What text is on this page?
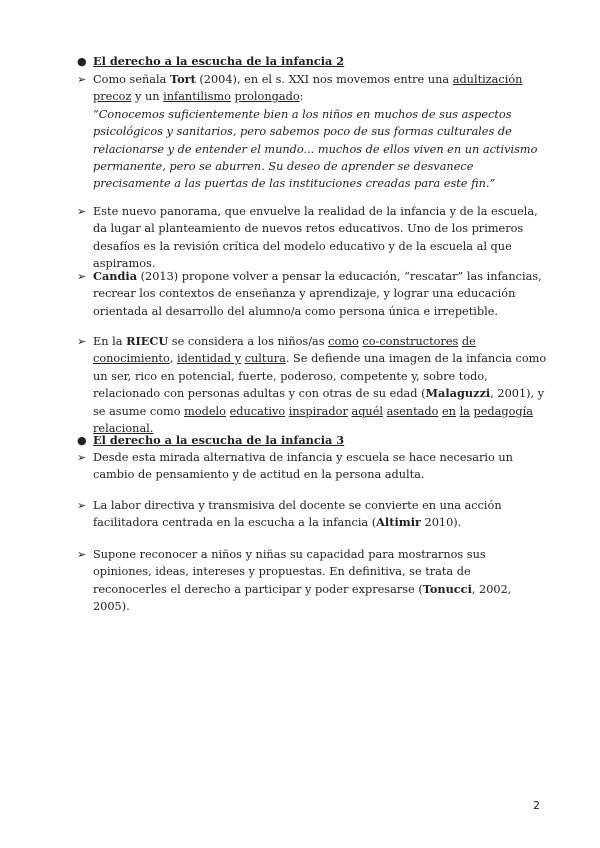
● El derecho a la escucha de la infancia 2
➢ Como señala Tort (2004), en el s. XXI nos movemos entre una adultización precoz y un infantilismo prolongado:
“Conocemos suficientemente bien a los niños en muchos de sus aspectos psicológicos y sanitarios, pero sabemos poco de sus formas culturales de relacionarse y de entender el mundo... muchos de ellos viven en un activismo permanente, pero se aburren. Su deseo de aprender se desvanece precisamente a las puertas de las instituciones creadas para este fin.”
➢ Este nuevo panorama, que envuelve la realidad de la infancia y de la escuela, da lugar al planteamiento de nuevos retos educativos. Uno de los primeros desafíos es la revisión crítica del modelo educativo y de la escuela al que aspiramos.
➢ Candia (2013) propone volver a pensar la educación, “rescatar” las infancias, recrear los contextos de enseñanza y aprendizaje, y lograr una educación orientada al desarrollo del alumno/a como persona única e irrepetible.
➢ En la RIECU se considera a los niños/as como co-constructores de conocimiento, identidad y cultura. Se defiende una imagen de la infancia como un ser, rico en potencial, fuerte, poderoso, competente y, sobre todo, relacionado con personas adultas y con otras de su edad (Malaguzzi, 2001), y se asume como modelo educativo inspirador aquél asentado en la pedagogía relacional.
● El derecho a la escucha de la infancia 3
➢ Desde esta mirada alternativa de infancia y escuela se hace necesario un cambio de pensamiento y de actitud en la persona adulta.
➢ La labor directiva y transmisiva del docente se convierte en una acción facilitadora centrada en la escucha a la infancia (Altimir 2010).
➢ Supone reconocer a niños y niñas su capacidad para mostrarnos sus opiniones, ideas, intereses y propuestas. En definitiva, se trata de reconocerles el derecho a participar y poder expresarse (Tonucci, 2002, 2005).
2
